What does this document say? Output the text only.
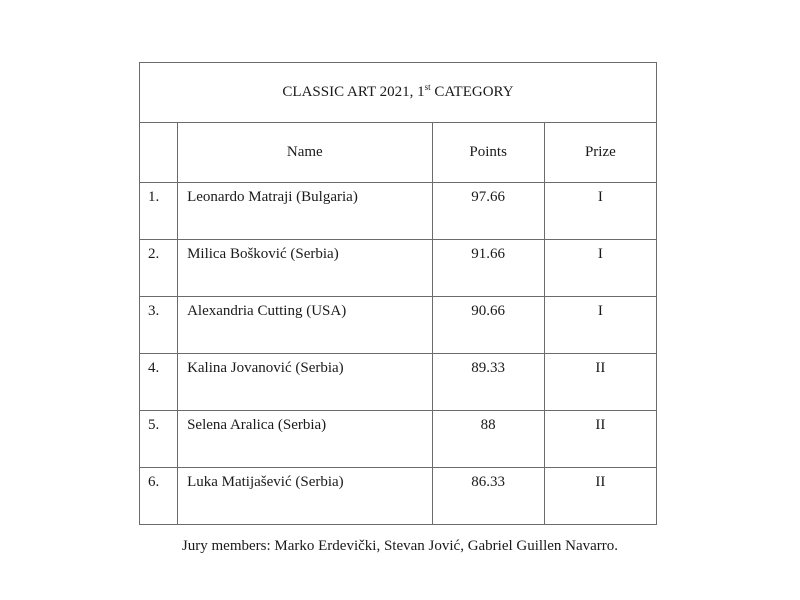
CLASSIC ART 2021, 1st CATEGORY			
	Name	Points	Prize
1.	Leonardo Matraji (Bulgaria)	97.66	I
2.	Milica Bošković (Serbia)	91.66	I
3.	Alexandria Cutting (USA)	90.66	I
4.	Kalina Jovanović (Serbia)	89.33	II
5.	Selena Aralica (Serbia)	88	II
6.	Luka Matijašević (Serbia)	86.33	II

Jury members: Marko Erdevički, Stevan Jović, Gabriel Guillen Navarro.
